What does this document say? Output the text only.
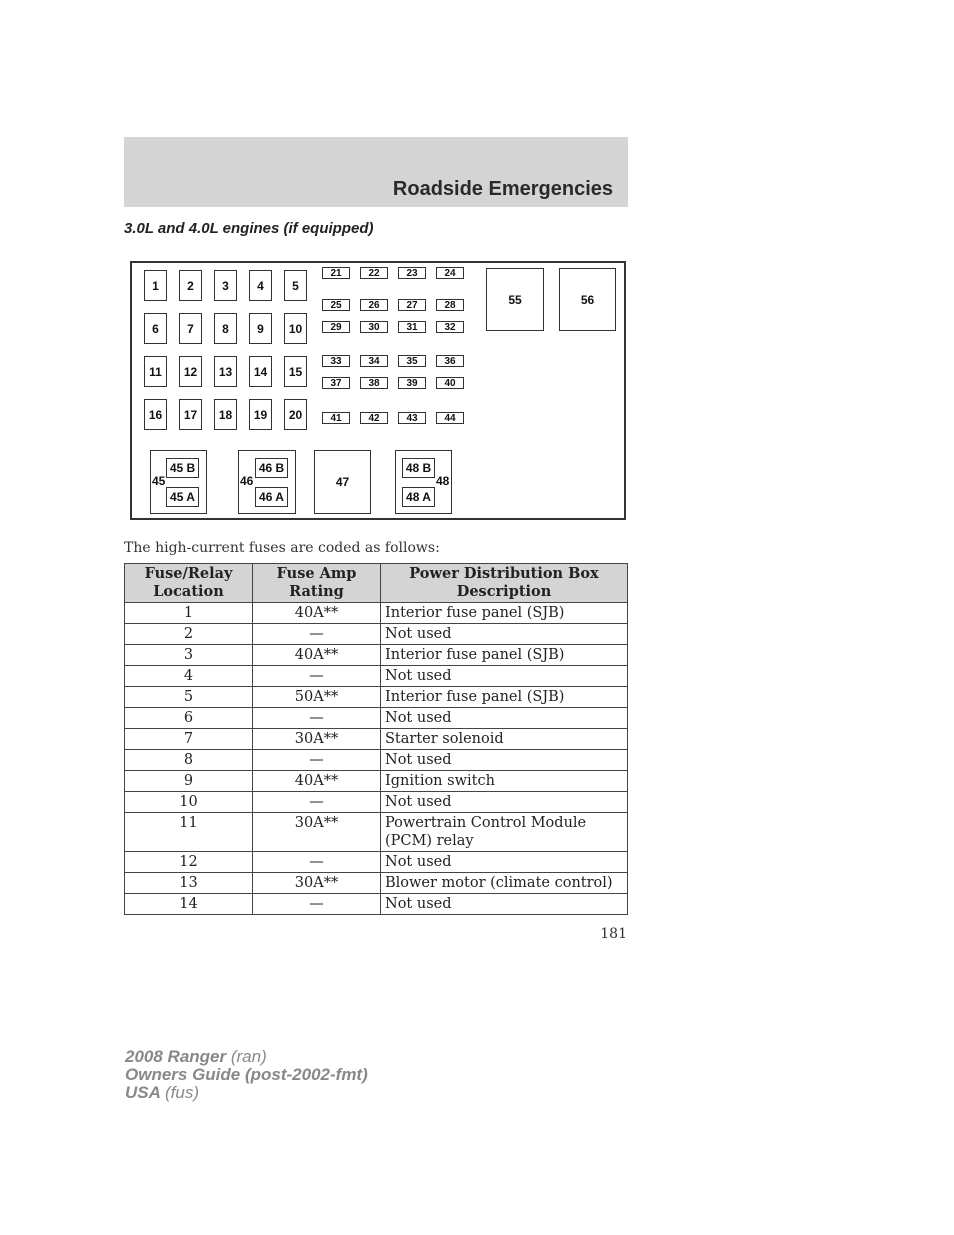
Roadside Emergencies
3.0L and 4.0L engines (if equipped)
1	2	3	4	5
6	7	8	9	10
11	12	13	14	15
16	17	18	19	20
21	22	23	24
25	26	27	28
29	30	31	32
33	34	35	36
37	38	39	40
41	42	43	44
55	56
45
45 B
45 A
46
46 B
46 A
47	48
48 B
48 A
The high-current fuses are coded as follows:
Fuse/Relay Location	Fuse Amp Rating	Power Distribution Box Description
1	40A**	Interior fuse panel (SJB)
2	—	Not used
3	40A**	Interior fuse panel (SJB)
4	—	Not used
5	50A**	Interior fuse panel (SJB)
6	—	Not used
7	30A**	Starter solenoid
8	—	Not used
9	40A**	Ignition switch
10	—	Not used
11	30A**	Powertrain Control Module (PCM) relay
12	—	Not used
13	30A**	Blower motor (climate control)
14	—	Not used
181
2008 Ranger (ran)
Owners Guide (post-2002-fmt)
USA (fus)
